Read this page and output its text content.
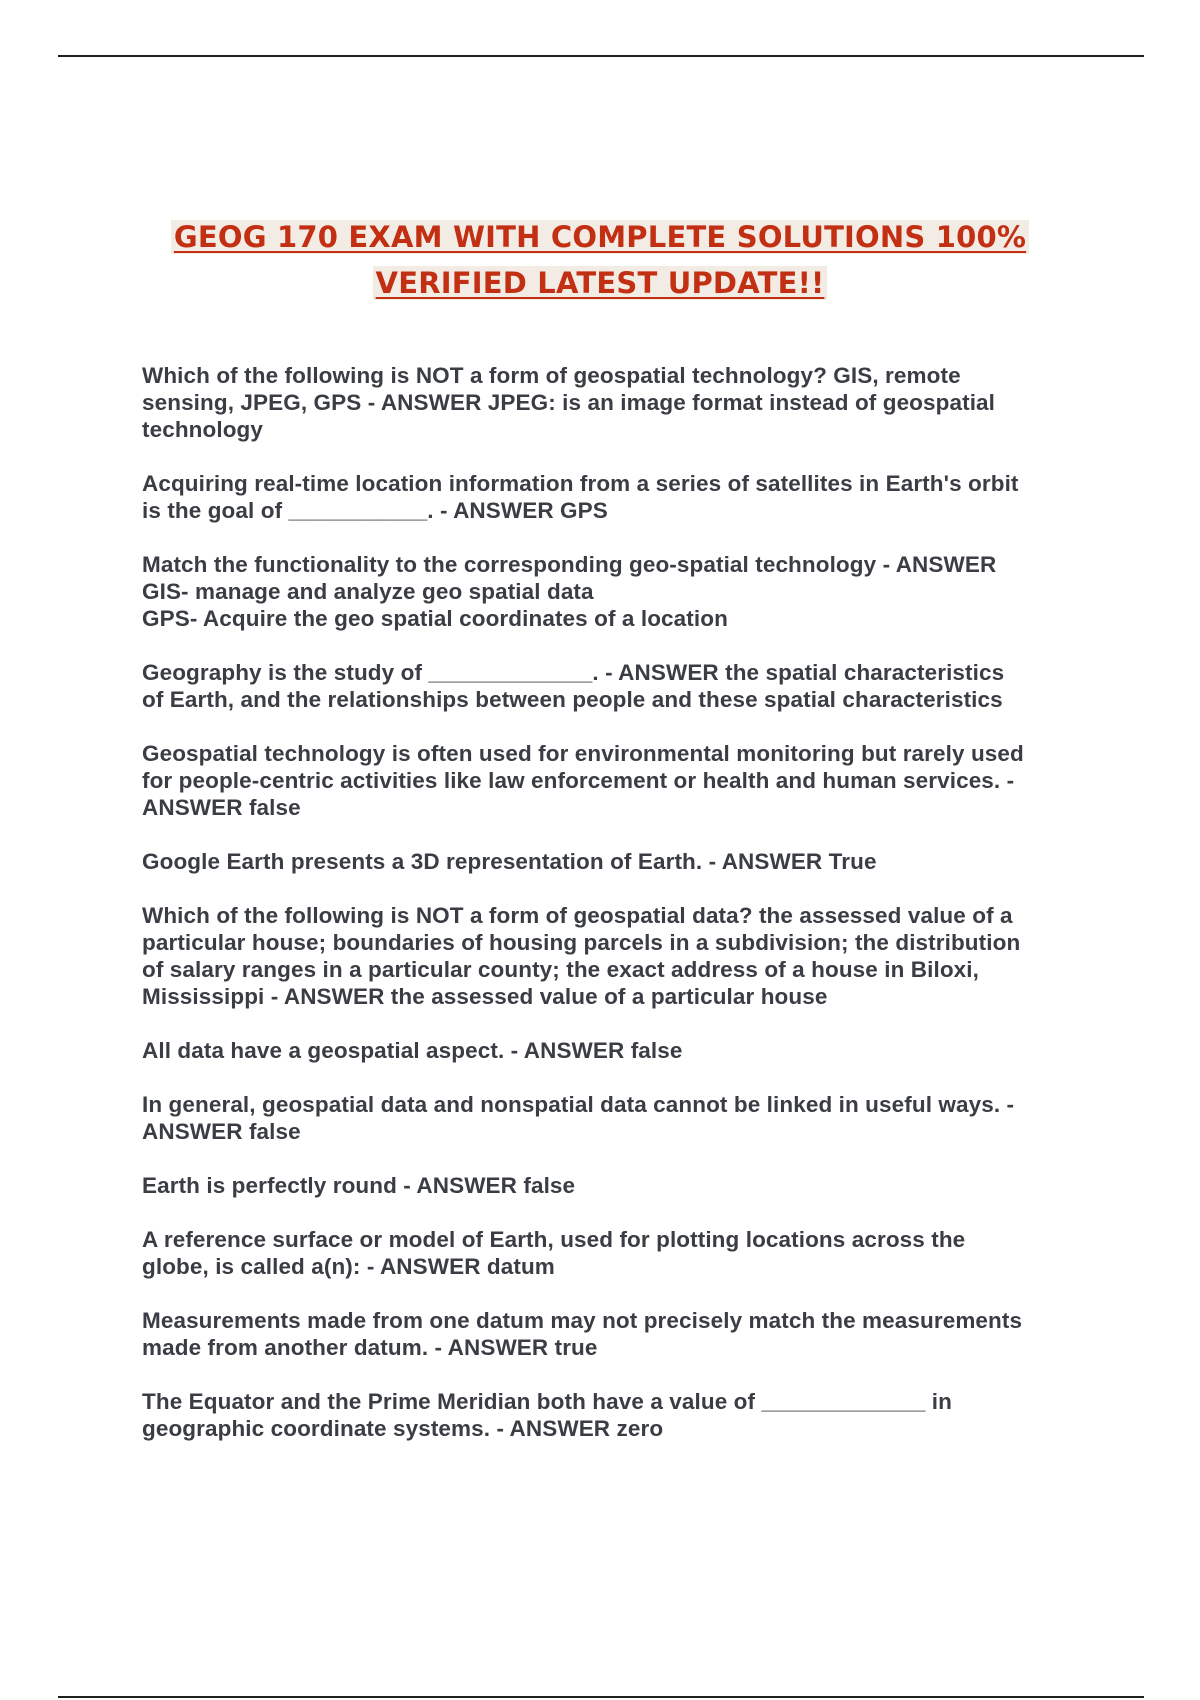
GEOG 170 EXAM WITH COMPLETE SOLUTIONS 100%
VERIFIED LATEST UPDATE!!
Which of the following is NOT a form of geospatial technology? GIS, remote
sensing, JPEG, GPS - ANSWER JPEG: is an image format instead of geospatial
technology
Acquiring real-time location information from a series of satellites in Earth's orbit
is the goal of ___________. - ANSWER GPS
Match the functionality to the corresponding geo-spatial technology - ANSWER
GIS- manage and analyze geo spatial data
GPS- Acquire the geo spatial coordinates of a location
Geography is the study of _____________. - ANSWER the spatial characteristics
of Earth, and the relationships between people and these spatial characteristics
Geospatial technology is often used for environmental monitoring but rarely used
for people-centric activities like law enforcement or health and human services. -
ANSWER false
Google Earth presents a 3D representation of Earth. - ANSWER True
Which of the following is NOT a form of geospatial data? the assessed value of a
particular house; boundaries of housing parcels in a subdivision; the distribution
of salary ranges in a particular county; the exact address of a house in Biloxi,
Mississippi - ANSWER the assessed value of a particular house
All data have a geospatial aspect. - ANSWER false
In general, geospatial data and nonspatial data cannot be linked in useful ways. -
ANSWER false
Earth is perfectly round - ANSWER false
A reference surface or model of Earth, used for plotting locations across the
globe, is called a(n): - ANSWER datum
Measurements made from one datum may not precisely match the measurements
made from another datum. - ANSWER true
The Equator and the Prime Meridian both have a value of _____________ in
geographic coordinate systems. - ANSWER zero
